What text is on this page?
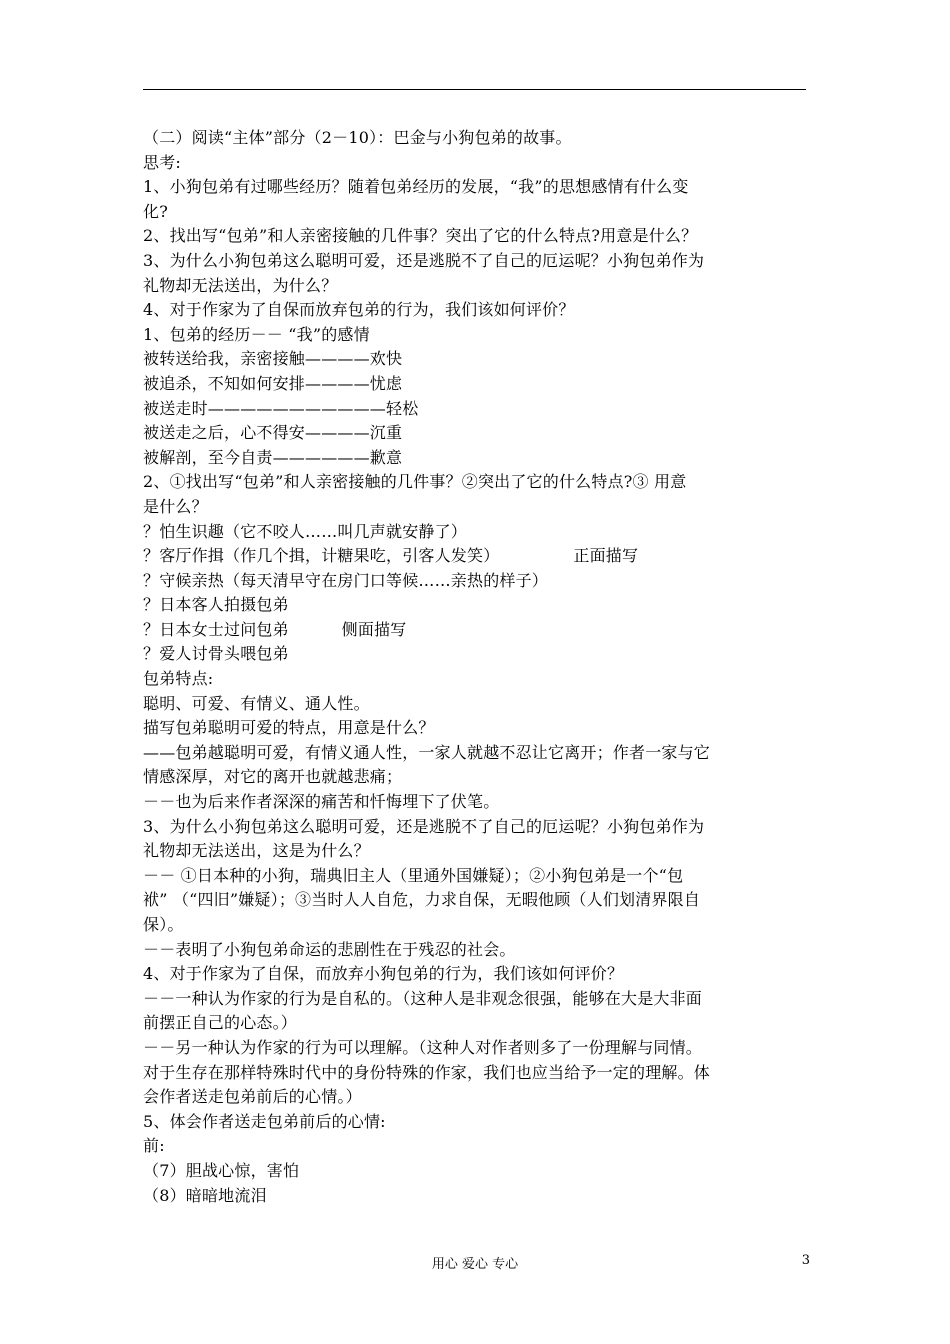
（二）阅读“主体”部分（2－10）：巴金与小狗包弟的故事。
思考:
1、小狗包弟有过哪些经历？随着包弟经历的发展，“我”的思想感情有什么变
化?
2、找出写“包弟”和人亲密接触的几件事？突出了它的什么特点?用意是什么？
3、为什么小狗包弟这么聪明可爱，还是逃脱不了自己的厄运呢？小狗包弟作为
礼物却无法送出，为什么？
4、对于作家为了自保而放弃包弟的行为，我们该如何评价？
1、包弟的经历－－ “我”的感情
被转送给我，亲密接触————欢快
被追杀，不知如何安排————忧虑
被送走时———————————轻松
被送走之后，心不得安————沉重
被解剖，至今自责——————歉意
2、①找出写“包弟”和人亲密接触的几件事？②突出了它的什么特点?③ 用意
是什么？
？怕生识趣（它不咬人……叫几声就安静了）
？客厅作揖（作几个揖，计糖果吃，引客人发笑）              正面描写
？守候亲热（每天清早守在房门口等候……亲热的样子）
？日本客人拍摄包弟
？日本女士过问包弟          侧面描写
？爱人讨骨头喂包弟
包弟特点:
聪明、可爱、有情义、通人性。
描写包弟聪明可爱的特点，用意是什么？
——包弟越聪明可爱，有情义通人性，一家人就越不忍让它离开；作者一家与它
情感深厚，对它的离开也就越悲痛；
－－也为后来作者深深的痛苦和忏悔埋下了伏笔。
3、为什么小狗包弟这么聪明可爱，还是逃脱不了自己的厄运呢？小狗包弟作为
礼物却无法送出，这是为什么？
－－ ①日本种的小狗，瑞典旧主人（里通外国嫌疑）；②小狗包弟是一个“包
袱” （“四旧”嫌疑）；③当时人人自危，力求自保，无暇他顾（人们划清界限自
保）。
－－表明了小狗包弟命运的悲剧性在于残忍的社会。
4、对于作家为了自保，而放弃小狗包弟的行为，我们该如何评价？
－－一种认为作家的行为是自私的。（这种人是非观念很强，能够在大是大非面
前摆正自己的心态。）
－－另一种认为作家的行为可以理解。（这种人对作者则多了一份理解与同情。
对于生存在那样特殊时代中的身份特殊的作家，我们也应当给予一定的理解。体
会作者送走包弟前后的心情。）
5、体会作者送走包弟前后的心情:
前:
（7）胆战心惊，害怕
（8）暗暗地流泪
用心 爱心 专心	3
